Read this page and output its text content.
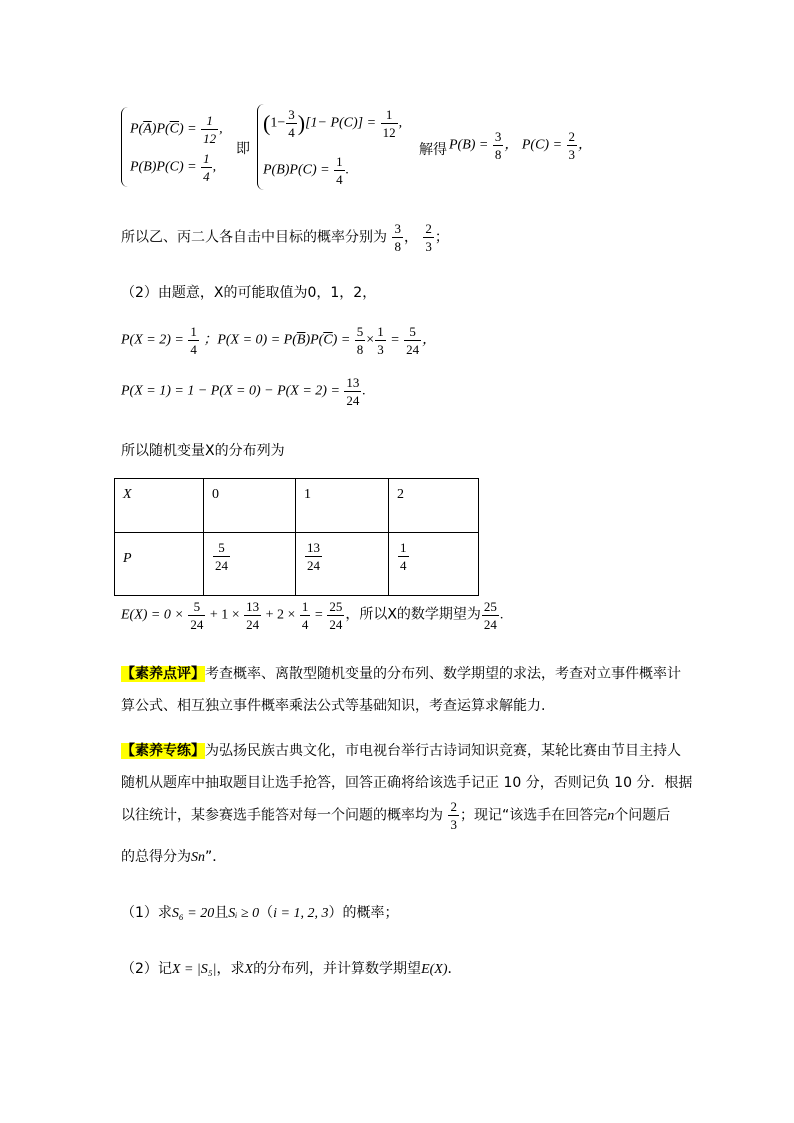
$P(\overline{A})P(\overline{C}) = \frac{1}{12}$ ,
$P(B)P(C) = \frac{1}{4}$ ,
即
$(1- \frac{3}{4} )[1- P(C)] = \frac{1}{12}$ ,
$P(B)P(C) = \frac{1}{4}$ .
解得 $P(B) = \frac{3}{8}$ ， $P(C) = \frac{2}{3}$ ，
所以乙、丙二人各自击中目标的概率分别为 $\frac{3}{8}$ ， $\frac{2}{3}$ ；
（2）由题意，X的可能取值为0，1，2，
$P(X = 2) = \frac{1}{4}$ ；$P(X = 0) = P(\overline{B})P(\overline{C}) = \frac{5}{8} \times \frac{1}{3} = \frac{5}{24}$ ，
$P(X = 1) = 1 - P(X = 0) - P(X = 2) = \frac{13}{24}$ .
所以随机变量X的分布列为
X	0	1	2
P	$\frac{5}{24}$	$\frac{13}{24}$	$\frac{1}{4}$
$E(X) = 0 \times \frac{5}{24} + 1 \times \frac{13}{24} + 2 \times \frac{1}{4} = \frac{25}{24}$ ，所以X的数学期望为 $\frac{25}{24}$ .
【素养点评】考查概率、离散型随机变量的分布列、数学期望的求法，考查对立事件概率计
算公式、相互独立事件概率乘法公式等基础知识，考查运算求解能力.
【素养专练】为弘扬民族古典文化，市电视台举行古诗词知识竞赛，某轮比赛由节目主持人
随机从题库中抽取题目让选手抢答，回答正确将给该选手记正 10 分，否则记负 10 分．根据
以往统计，某参赛选手能答对每一个问题的概率均为 $\frac{2}{3}$ ；现记“该选手在回答完n个问题后
的总得分为Sn”．
（1）求S₆ = 20且Sᵢ ≥ 0（i = 1, 2, 3）的概率；
（2）记X = |S₅|，求X的分布列，并计算数学期望E(X)．
